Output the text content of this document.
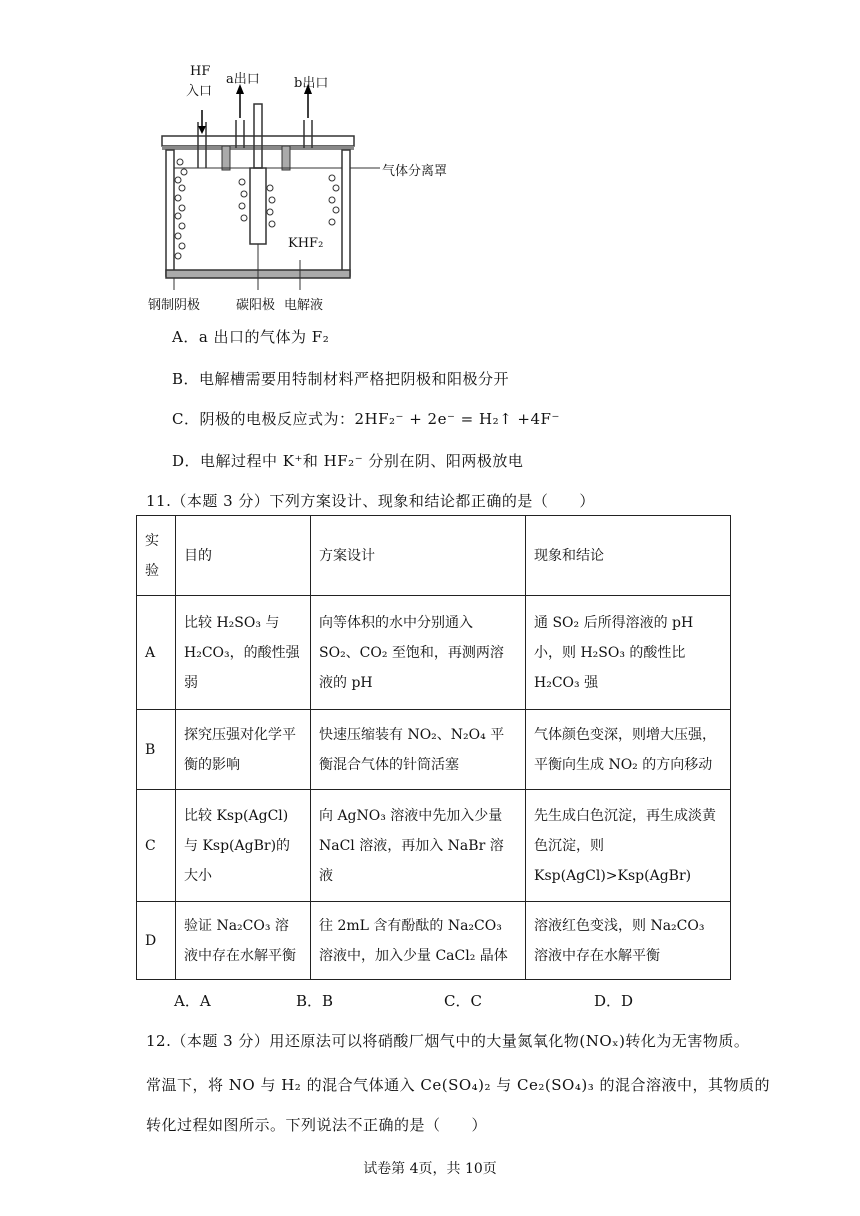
HF
入口
a出口	b出口
气体分离罩
KHF₂
钢制阴极	碳阳极 电解液
A．a 出口的气体为 F₂
B．电解槽需要用特制材料严格把阴极和阳极分开
C．阴极的电极反应式为：2HF₂⁻ + 2e⁻ = H₂↑ +4F⁻
D．电解过程中 K⁺和 HF₂⁻ 分别在阴、阳两极放电
11.（本题 3 分）下列方案设计、现象和结论都正确的是（　　）
实验	目的	方案设计	现象和结论
A	比较 H₂SO₃ 与 H₂CO₃，的酸性强弱	向等体积的水中分别通入 SO₂、CO₂ 至饱和，再测两溶液的 pH	通 SO₂ 后所得溶液的 pH 小，则 H₂SO₃ 的酸性比 H₂CO₃ 强
B	探究压强对化学平衡的影响	快速压缩装有 NO₂、N₂O₄ 平衡混合气体的针筒活塞	气体颜色变深，则增大压强，平衡向生成 NO₂ 的方向移动
C	比较 Ksp(AgCl)与 Ksp(AgBr)的大小	向 AgNO₃ 溶液中先加入少量 NaCl 溶液，再加入 NaBr 溶液	先生成白色沉淀，再生成淡黄色沉淀，则 Ksp(AgCl)>Ksp(AgBr)
D	验证 Na₂CO₃ 溶液中存在水解平衡	往 2mL 含有酚酞的 Na₂CO₃ 溶液中，加入少量 CaCl₂ 晶体	溶液红色变浅，则 Na₂CO₃ 溶液中存在水解平衡
A．A	B．B	C．C	D．D
12.（本题 3 分）用还原法可以将硝酸厂烟气中的大量氮氧化物(NOₓ)转化为无害物质。
常温下，将 NO 与 H₂ 的混合气体通入 Ce(SO₄)₂ 与 Ce₂(SO₄)₃ 的混合溶液中，其物质的
转化过程如图所示。下列说法不正确的是（　　）
试卷第 4页，共 10页
